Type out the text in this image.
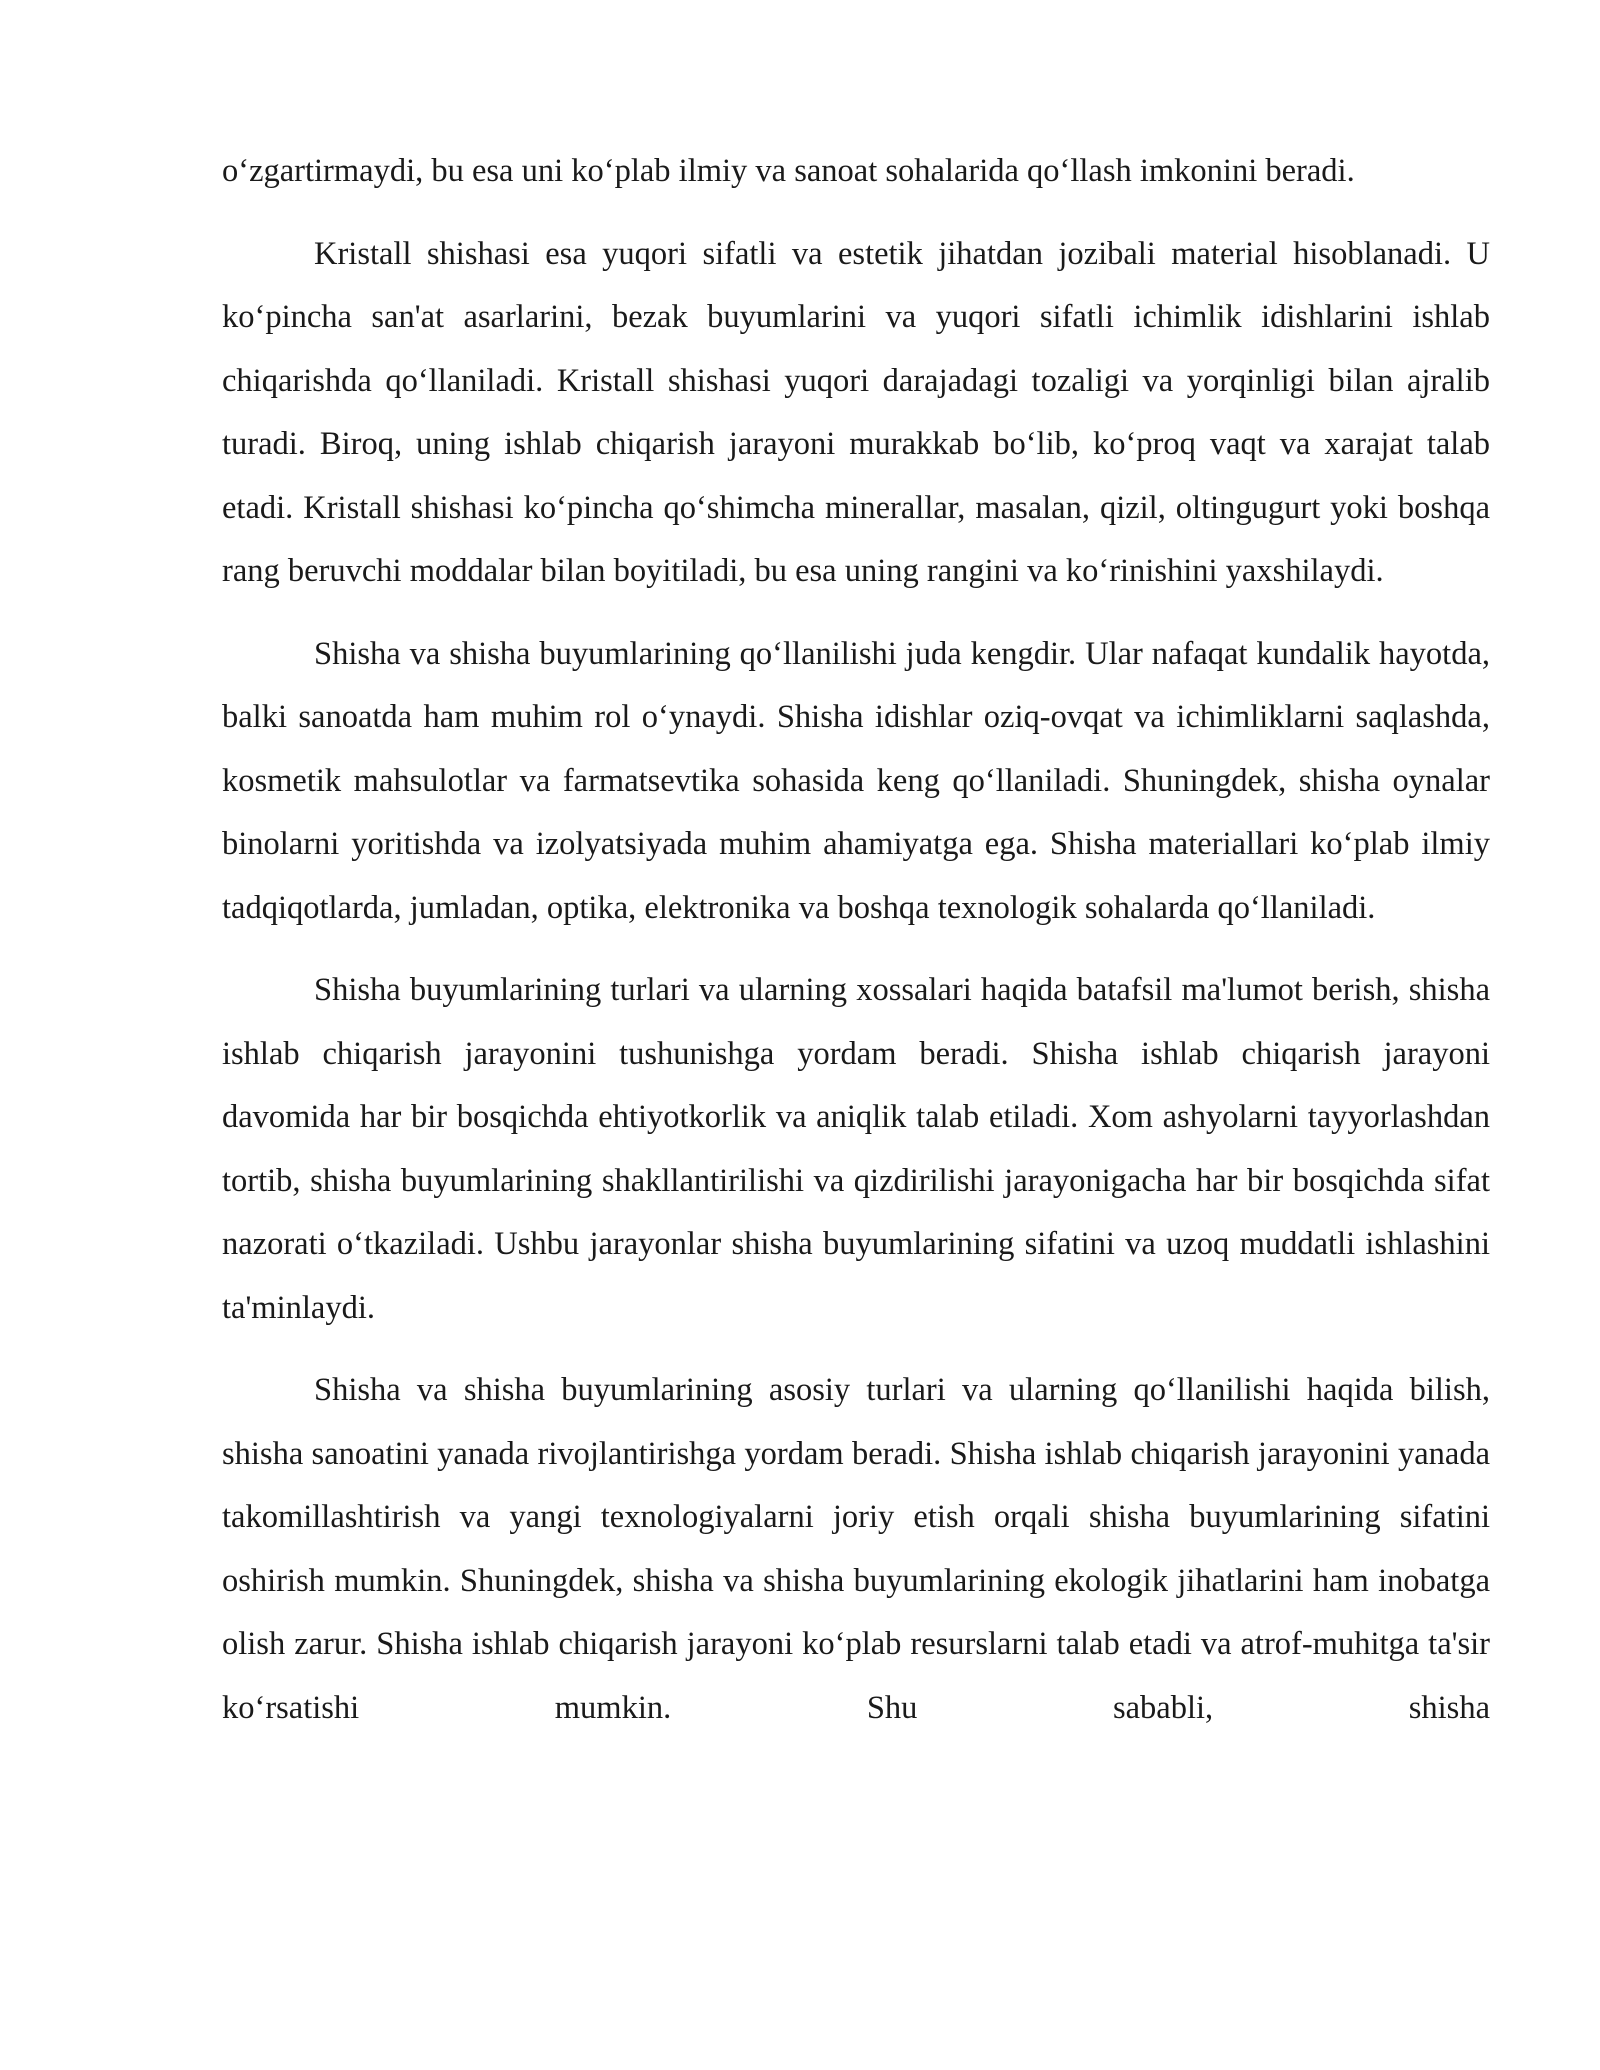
o‘zgartirmaydi, bu esa uni ko‘plab ilmiy va sanoat sohalarida qo‘llash imkonini beradi.

Kristall shishasi esa yuqori sifatli va estetik jihatdan jozibali material hisoblanadi. U ko‘pincha san'at asarlarini, bezak buyumlarini va yuqori sifatli ichimlik idishlarini ishlab chiqarishda qo‘llaniladi. Kristall shishasi yuqori darajadagi tozaligi va yorqinligi bilan ajralib turadi. Biroq, uning ishlab chiqarish jarayoni murakkab bo‘lib, ko‘proq vaqt va xarajat talab etadi. Kristall shishasi ko‘pincha qo‘shimcha minerallar, masalan, qizil, oltingugurt yoki boshqa rang beruvchi moddalar bilan boyitiladi, bu esa uning rangini va ko‘rinishini yaxshilaydi.

Shisha va shisha buyumlarining qo‘llanilishi juda kengdir. Ular nafaqat kundalik hayotda, balki sanoatda ham muhim rol o‘ynaydi. Shisha idishlar oziq-ovqat va ichimliklarni saqlashda, kosmetik mahsulotlar va farmatsevtika sohasida keng qo‘llaniladi. Shuningdek, shisha oynalar binolarni yoritishda va izolyatsiyada muhim ahamiyatga ega. Shisha materiallari ko‘plab ilmiy tadqiqotlarda, jumladan, optika, elektronika va boshqa texnologik sohalarda qo‘llaniladi.

Shisha buyumlarining turlari va ularning xossalari haqida batafsil ma'lumot berish, shisha ishlab chiqarish jarayonini tushunishga yordam beradi. Shisha ishlab chiqarish jarayoni davomida har bir bosqichda ehtiyotkorlik va aniqlik talab etiladi. Xom ashyolarni tayyorlashdan tortib, shisha buyumlarining shakllantirilishi va qizdirilishi jarayonigacha har bir bosqichda sifat nazorati o‘tkaziladi. Ushbu jarayonlar shisha buyumlarining sifatini va uzoq muddatli ishlashini ta'minlaydi.

Shisha va shisha buyumlarining asosiy turlari va ularning qo‘llanilishi haqida bilish, shisha sanoatini yanada rivojlantirishga yordam beradi. Shisha ishlab chiqarish jarayonini yanada takomillashtirish va yangi texnologiyalarni joriy etish orqali shisha buyumlarining sifatini oshirish mumkin. Shuningdek, shisha va shisha buyumlarining ekologik jihatlarini ham inobatga olish zarur. Shisha ishlab chiqarish jarayoni ko‘plab resurslarni talab etadi va atrof-muhitga ta'sir ko‘rsatishi mumkin. Shu sababli, shisha
